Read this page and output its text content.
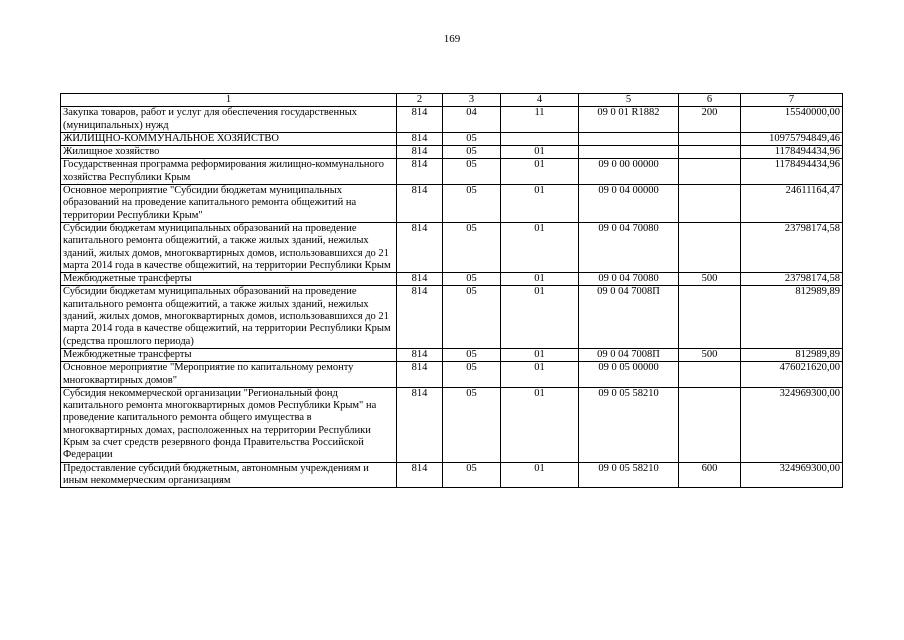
169
1	2	3	4	5	6	7
Закупка товаров, работ и услуг для обеспечения государственных (муниципальных) нужд	814	04	11	09 0 01 R1882	200	15540000,00
ЖИЛИЩНО-КОММУНАЛЬНОЕ ХОЗЯЙСТВО	814	05				10975794849,46
Жилищное хозяйство	814	05	01			1178494434,96
Государственная программа реформирования жилищно-коммунального хозяйства Республики Крым	814	05	01	09 0 00 00000		1178494434,96
Основное мероприятие "Субсидии бюджетам муниципальных образований на проведение капитального ремонта общежитий на территории Республики Крым"	814	05	01	09 0 04 00000		24611164,47
Субсидии бюджетам муниципальных образований на проведение капитального ремонта общежитий, а также жилых зданий, нежилых зданий, жилых домов, многоквартирных домов, использовавшихся до 21 марта 2014 года в качестве общежитий, на территории Республики Крым	814	05	01	09 0 04 70080		23798174,58
Межбюджетные трансферты	814	05	01	09 0 04 70080	500	23798174,58
Субсидии бюджетам муниципальных образований на проведение капитального ремонта общежитий, а также жилых зданий, нежилых зданий, жилых домов, многоквартирных домов, использовавшихся до 21 марта 2014 года в качестве общежитий, на территории Республики Крым (средства прошлого периода)	814	05	01	09 0 04 7008П		812989,89
Межбюджетные трансферты	814	05	01	09 0 04 7008П	500	812989,89
Основное мероприятие "Мероприятие по капитальному ремонту многоквартирных домов"	814	05	01	09 0 05 00000		476021620,00
Субсидия некоммерческой организации "Региональный фонд капитального ремонта многоквартирных домов Республики Крым" на проведение капитального ремонта общего имущества в многоквартирных домах, расположенных на территории Республики Крым за счет средств резервного фонда Правительства Российской Федерации	814	05	01	09 0 05 58210		324969300,00
Предоставление субсидий бюджетным, автономным учреждениям и иным некоммерческим организациям	814	05	01	09 0 05 58210	600	324969300,00
